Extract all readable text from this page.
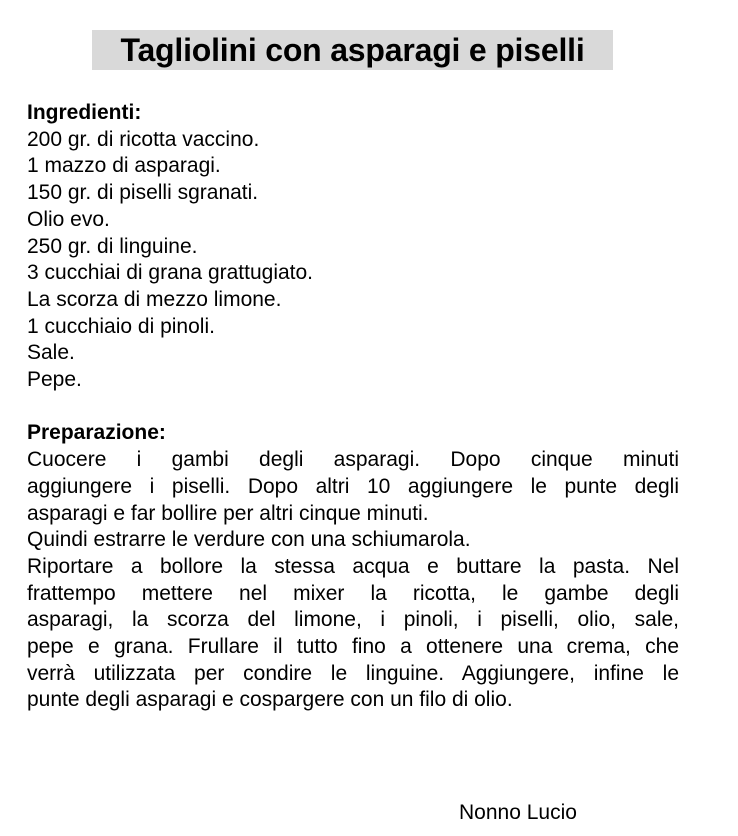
Tagliolini con asparagi e piselli
Ingredienti:
200 gr. di ricotta vaccino.
1 mazzo di asparagi.
150 gr. di piselli sgranati.
Olio evo.
250 gr. di linguine.
3 cucchiai di grana grattugiato.
La scorza di mezzo limone.
1 cucchiaio di pinoli.
Sale.
Pepe.
Preparazione:
Cuocere i gambi degli asparagi. Dopo cinque minuti
aggiungere i piselli. Dopo altri 10 aggiungere le punte degli
asparagi e far bollire per altri cinque minuti.
Quindi estrarre le verdure con una schiumarola.
Riportare a bollore la stessa acqua e buttare la pasta. Nel
frattempo mettere nel mixer la ricotta, le gambe degli
asparagi, la scorza del limone, i pinoli, i piselli, olio, sale,
pepe e grana. Frullare il tutto fino a ottenere una crema, che
verrà utilizzata per condire le linguine. Aggiungere, infine le
punte degli asparagi e cospargere con un filo di olio.
Nonno Lucio
